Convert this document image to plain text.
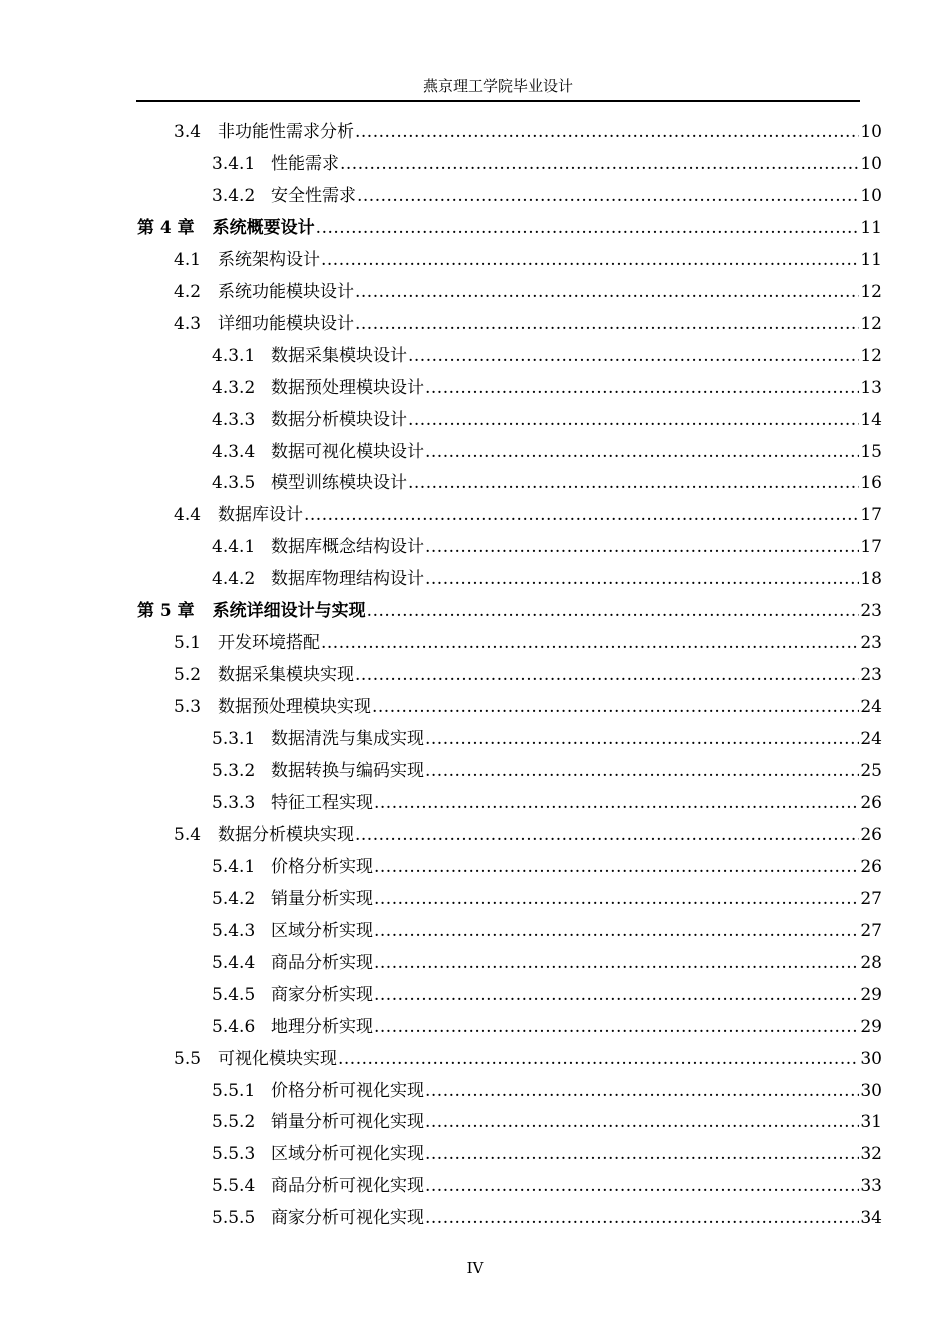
燕京理工学院毕业设计
3.4 非功能性需求分析 .....	10
3.4.1 性能需求 .....	10
3.4.2 安全性需求 .....	10
第 4 章 系统概要设计 .....	11
4.1 系统架构设计 .....	11
4.2 系统功能模块设计 .....	12
4.3 详细功能模块设计 .....	12
4.3.1 数据采集模块设计 .....	12
4.3.2 数据预处理模块设计 .....	13
4.3.3 数据分析模块设计 .....	14
4.3.4 数据可视化模块设计 .....	15
4.3.5 模型训练模块设计 .....	16
4.4 数据库设计 .....	17
4.4.1 数据库概念结构设计 .....	17
4.4.2 数据库物理结构设计 .....	18
第 5 章 系统详细设计与实现 .....	23
5.1 开发环境搭配 .....	23
5.2 数据采集模块实现 .....	23
5.3 数据预处理模块实现 .....	24
5.3.1 数据清洗与集成实现 .....	24
5.3.2 数据转换与编码实现 .....	25
5.3.3 特征工程实现 .....	26
5.4 数据分析模块实现 .....	26
5.4.1 价格分析实现 .....	26
5.4.2 销量分析实现 .....	27
5.4.3 区域分析实现 .....	27
5.4.4 商品分析实现 .....	28
5.4.5 商家分析实现 .....	29
5.4.6 地理分析实现 .....	29
5.5 可视化模块实现 .....	30
5.5.1 价格分析可视化实现 .....	30
5.5.2 销量分析可视化实现 .....	31
5.5.3 区域分析可视化实现 .....	32
5.5.4 商品分析可视化实现 .....	33
5.5.5 商家分析可视化实现 .....	34
IV
